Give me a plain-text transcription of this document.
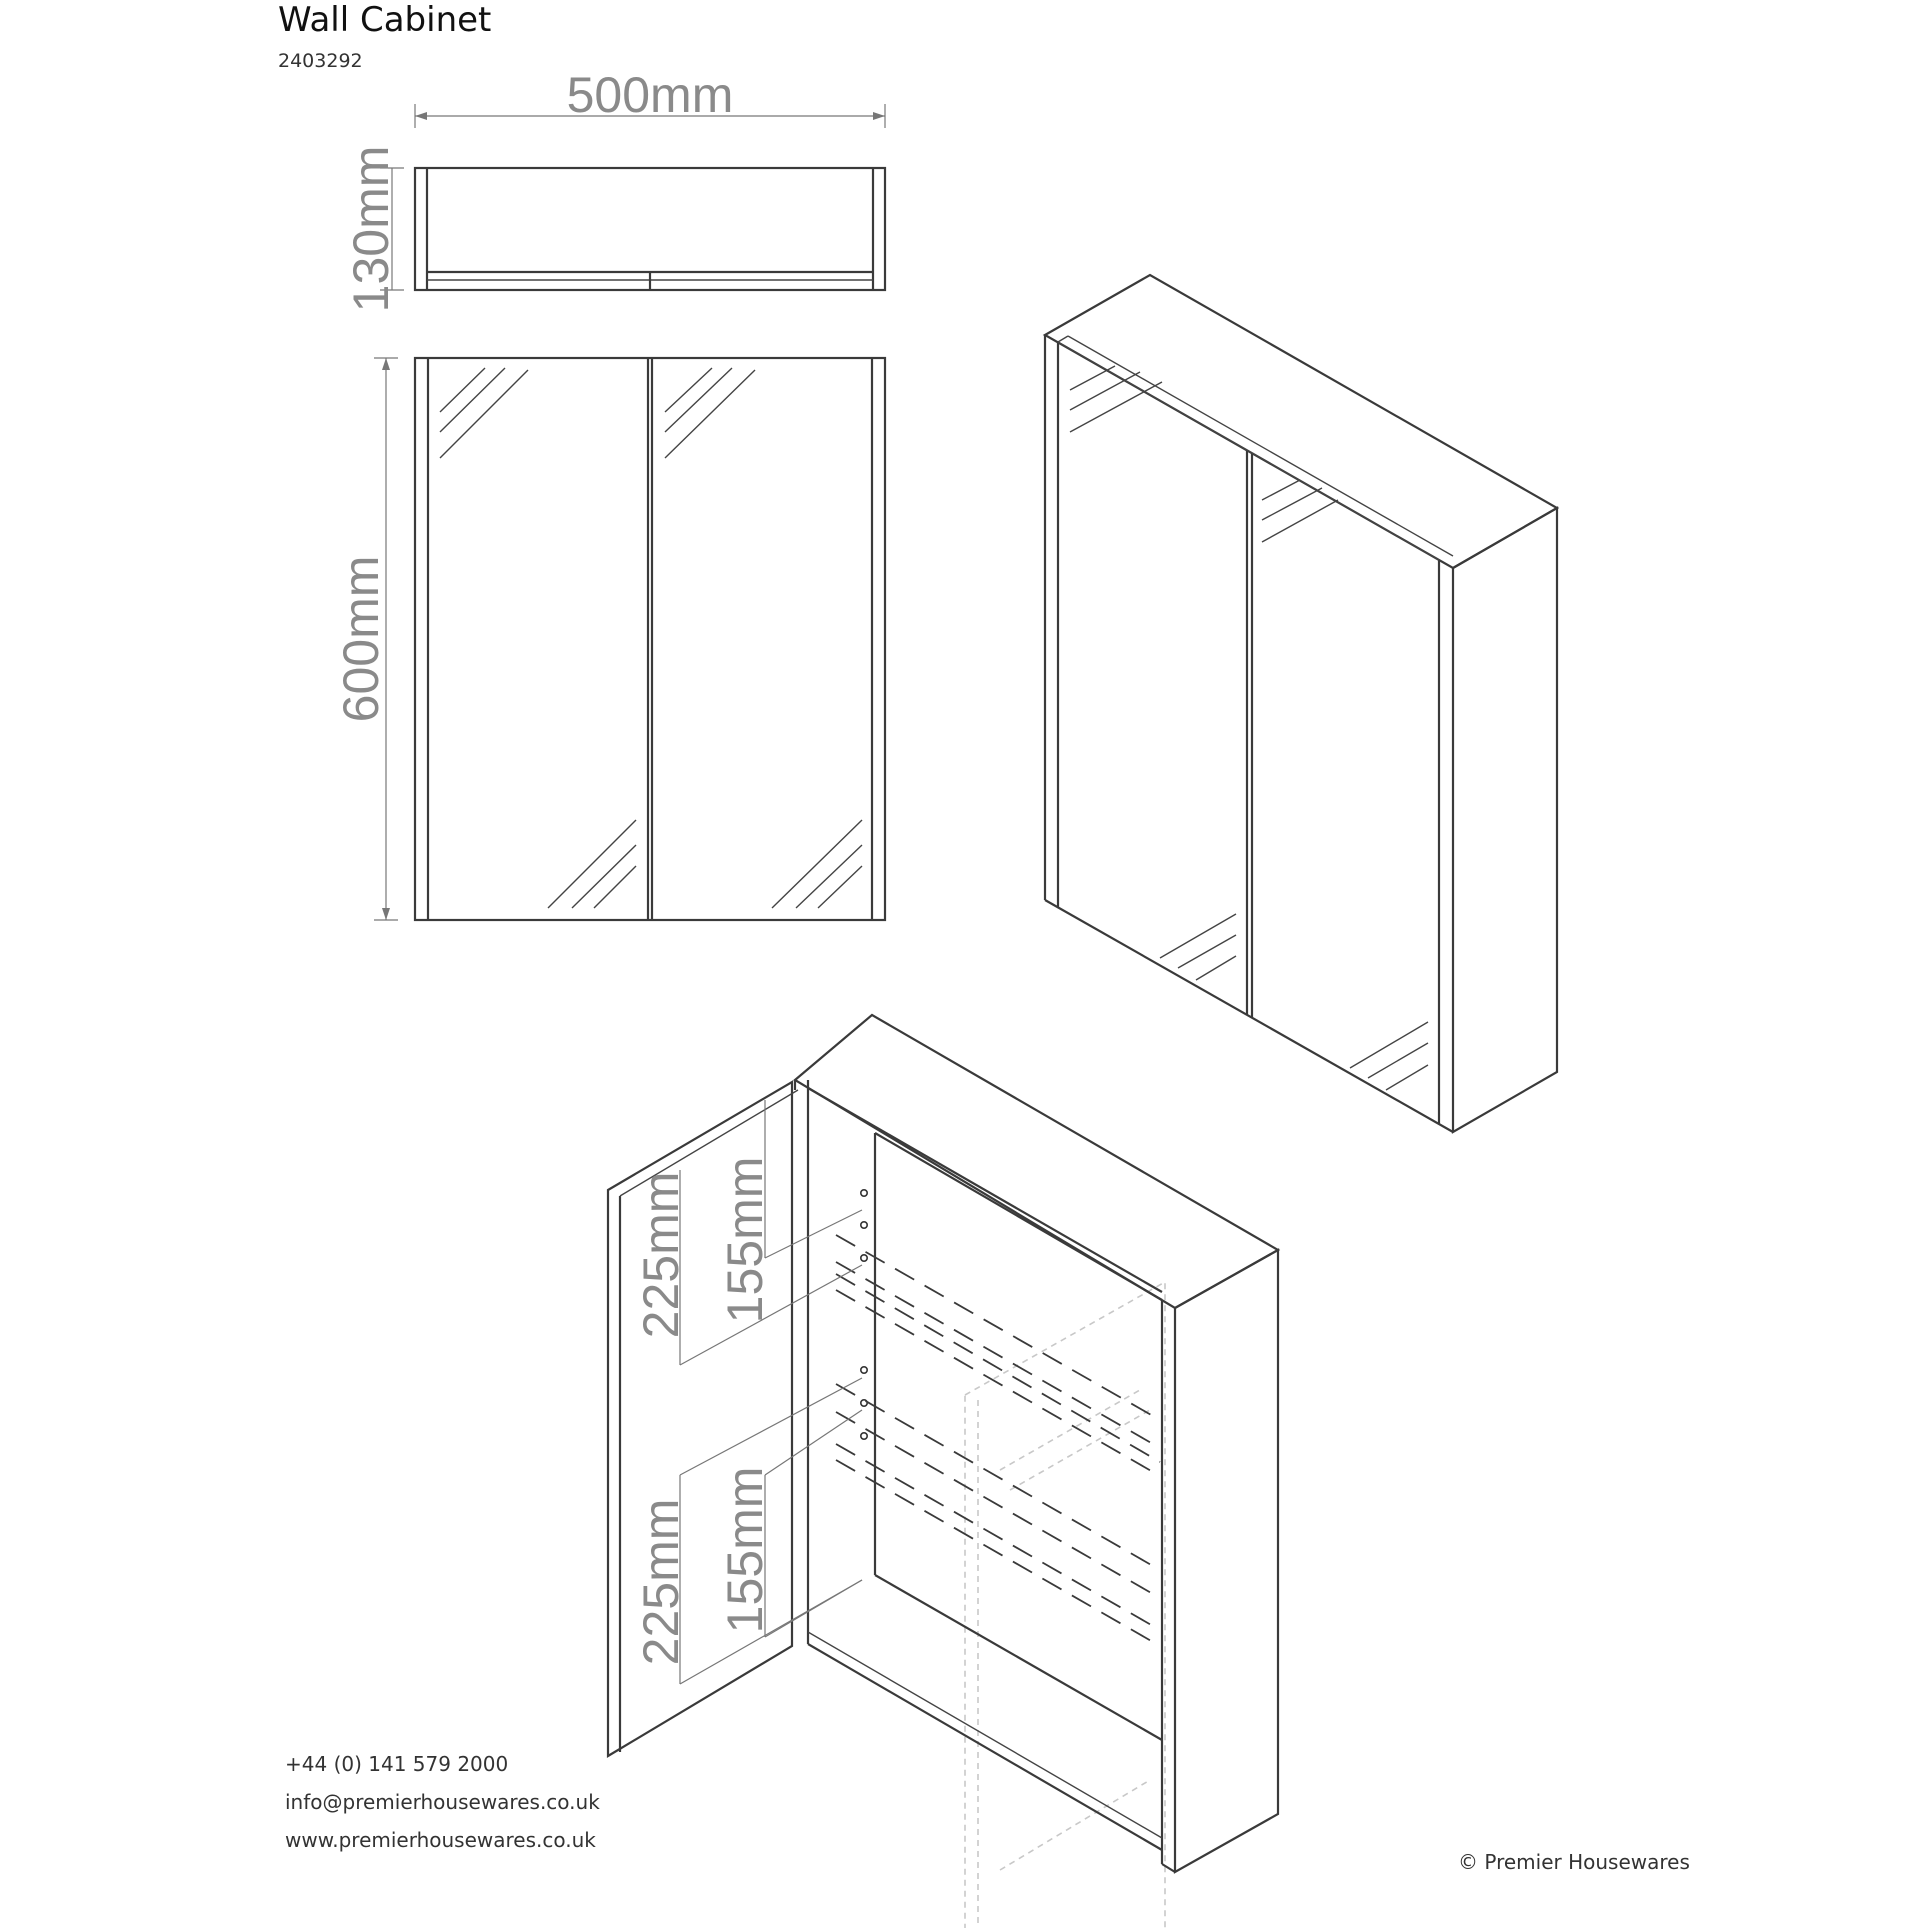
Wall Cabinet
2403292
500mm
130mm
600mm
225mm 155mm
225mm 155mm
+44 (0) 141 579 2000
info@premierhousewares.co.uk
www.premierhousewares.co.uk
© Premier Housewares
